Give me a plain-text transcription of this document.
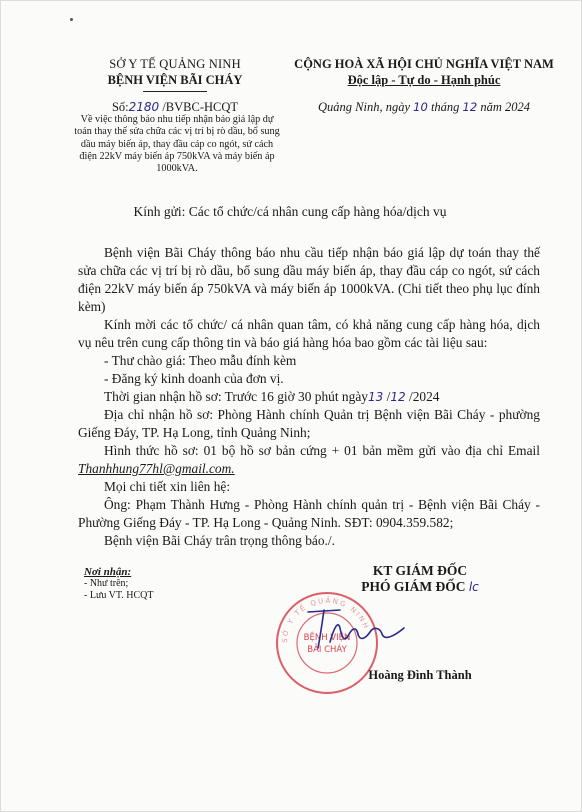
SỞ Y TẾ QUẢNG NINH
BỆNH VIỆN BÃI CHÁY
CỘNG HOÀ XÃ HỘI CHỦ NGHĨA VIỆT NAM
Độc lập - Tự do - Hạnh phúc
Số:2180 /BVBC-HCQT
Về việc thông báo nhu tiếp nhận báo giá lập dự toán thay thế sửa chữa các vị trí bị rò dầu, bổ sung dầu máy biến áp, thay đầu cáp co ngót, sứ cách điện 22kV máy biến áp 750kVA và máy biến áp 1000kVA.
Quảng Ninh, ngày 10 tháng 12 năm 2024
Kính gửi: Các tổ chức/cá nhân cung cấp hàng hóa/dịch vụ

Bệnh viện Bãi Cháy thông báo nhu cầu tiếp nhận báo giá lập dự toán thay thế sửa chữa các vị trí bị rò dầu, bổ sung dầu máy biến áp, thay đầu cáp co ngót, sứ cách điện 22kV máy biến áp 750kVA và máy biến áp 1000kVA. (Chi tiết theo phụ lục đính kèm)

Kính mời các tổ chức/ cá nhân quan tâm, có khả năng cung cấp hàng hóa, dịch vụ nêu trên cung cấp thông tin và báo giá hàng hóa bao gồm các tài liệu sau:

- Thư chào giá: Theo mẫu đính kèm

- Đăng ký kinh doanh của đơn vị.

Thời gian nhận hồ sơ: Trước 16 giờ 30 phút ngày13 /12 /2024

Địa chỉ nhận hồ sơ: Phòng Hành chính Quản trị Bệnh viện Bãi Cháy - phường Giếng Đáy, TP. Hạ Long, tỉnh Quảng Ninh;

Hình thức hồ sơ: 01 bộ hồ sơ bản cứng + 01 bản mềm gửi vào địa chỉ Email Thanhhung77hl@gmail.com.

Mọi chi tiết xin liên hệ:

Ông: Phạm Thành Hưng - Phòng Hành chính quản trị - Bệnh viện Bãi Cháy - Phường Giếng Đáy - TP. Hạ Long - Quảng Ninh. SĐT: 0904.359.582;

Bệnh viện Bãi Cháy trân trọng thông báo./.

Nơi nhận:
- Như trên;
- Lưu VT. HCQT
KT GIÁM ĐỐC
PHÓ GIÁM ĐỐC lc
SỞ Y TẾ QUẢNG NINH
BỆNH VIỆN
BÃI CHÁY
Hoàng Đình Thành
